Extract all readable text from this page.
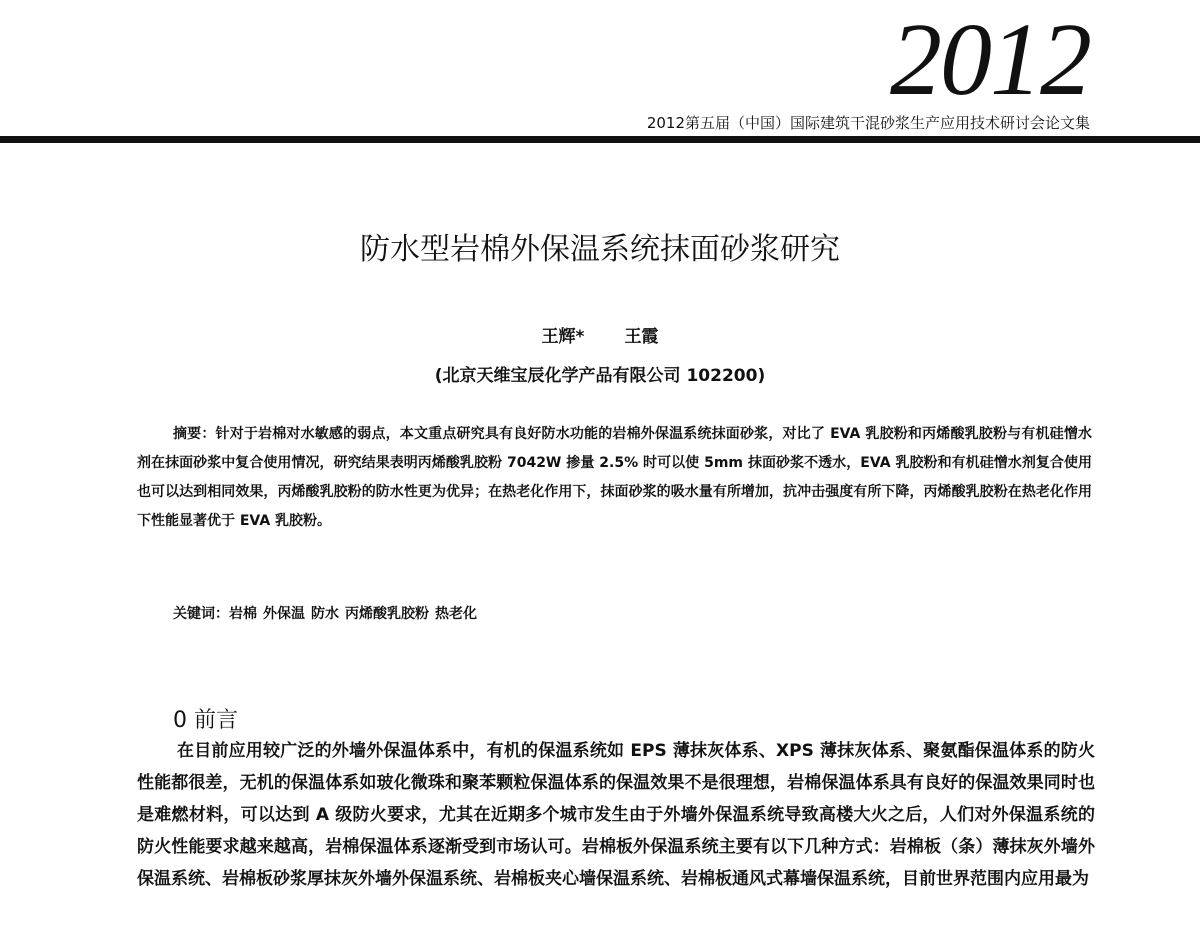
2012
2012第五届（中国）国际建筑干混砂浆生产应用技术研讨会论文集
防水型岩棉外保温系统抹面砂浆研究
王辉* 王霞
(北京天维宝辰化学产品有限公司 102200)

摘要：针对于岩棉对水敏感的弱点，本文重点研究具有良好防水功能的岩棉外保温系统抹面砂浆，对比了 EVA 乳胶粉和丙烯酸乳胶粉与有机硅憎水剂在抹面砂浆中复合使用情况，研究结果表明丙烯酸乳胶粉 7042W 掺量 2.5% 时可以使 5mm 抹面砂浆不透水，EVA 乳胶粉和有机硅憎水剂复合使用也可以达到相同效果，丙烯酸乳胶粉的防水性更为优异；在热老化作用下，抹面砂浆的吸水量有所增加，抗冲击强度有所下降，丙烯酸乳胶粉在热老化作用下性能显著优于 EVA 乳胶粉。

关键词：岩棉 外保温 防水 丙烯酸乳胶粉 热老化
0 前言

在目前应用较广泛的外墙外保温体系中，有机的保温系统如 EPS 薄抹灰体系、XPS 薄抹灰体系、聚氨酯保温体系的防火性能都很差，无机的保温体系如玻化微珠和聚苯颗粒保温体系的保温效果不是很理想，岩棉保温体系具有良好的保温效果同时也是难燃材料，可以达到 A 级防火要求，尤其在近期多个城市发生由于外墙外保温系统导致高楼大火之后，人们对外保温系统的防火性能要求越来越高，岩棉保温体系逐渐受到市场认可。岩棉板外保温系统主要有以下几种方式：岩棉板（条）薄抹灰外墙外保温系统、岩棉板砂浆厚抹灰外墙外保温系统、岩棉板夹心墙保温系统、岩棉板通风式幕墙保温系统，目前世界范围内应用最为
